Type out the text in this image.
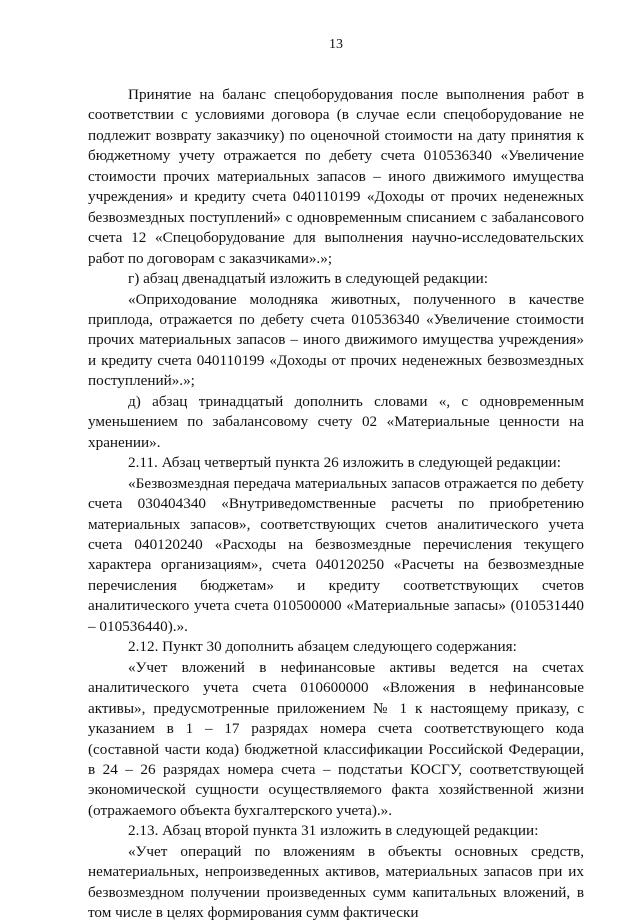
13

Принятие на баланс спецоборудования после выполнения работ в соответствии с условиями договора (в случае если спецоборудование не подлежит возврату заказчику) по оценочной стоимости на дату принятия к бюджетному учету отражается по дебету счета 010536340 «Увеличение стоимости прочих материальных запасов – иного движимого имущества учреждения» и кредиту счета 040110199 «Доходы от прочих неденежных безвозмездных поступлений» с одновременным списанием с забалансового счета 12 «Спецоборудование для выполнения научно-исследовательских работ по договорам с заказчиками».»;

г) абзац двенадцатый изложить в следующей редакции:

«Оприходование молодняка животных, полученного в качестве приплода, отражается по дебету счета 010536340 «Увеличение стоимости прочих материальных запасов – иного движимого имущества учреждения» и кредиту счета 040110199 «Доходы от прочих неденежных безвозмездных поступлений».»;

д) абзац тринадцатый дополнить словами «, с одновременным уменьшением по забалансовому счету 02 «Материальные ценности на хранении».

2.11. Абзац четвертый пункта 26 изложить в следующей редакции:

«Безвозмездная передача материальных запасов отражается по дебету счета 030404340 «Внутриведомственные расчеты по приобретению материальных запасов», соответствующих счетов аналитического учета счета 040120240 «Расходы на безвозмездные перечисления текущего характера организациям», счета 040120250 «Расчеты на безвозмездные перечисления бюджетам» и кредиту соответствующих счетов аналитического учета счета 010500000 «Материальные запасы» (010531440 – 010536440).».

2.12. Пункт 30 дополнить абзацем следующего содержания:

«Учет вложений в нефинансовые активы ведется на счетах аналитического учета счета 010600000 «Вложения в нефинансовые активы», предусмотренные приложением № 1 к настоящему приказу, с указанием в 1 – 17 разрядах номера счета соответствующего кода (составной части кода) бюджетной классификации Российской Федерации, в 24 – 26 разрядах номера счета – подстатьи КОСГУ, соответствующей экономической сущности осуществляемого факта хозяйственной жизни (отражаемого объекта бухгалтерского учета).».

2.13. Абзац второй пункта 31 изложить в следующей редакции:

«Учет операций по вложениям в объекты основных средств, нематериальных, непроизведенных активов, материальных запасов при их безвозмездном получении произведенных сумм капитальных вложений, в том числе в целях формирования сумм фактически
